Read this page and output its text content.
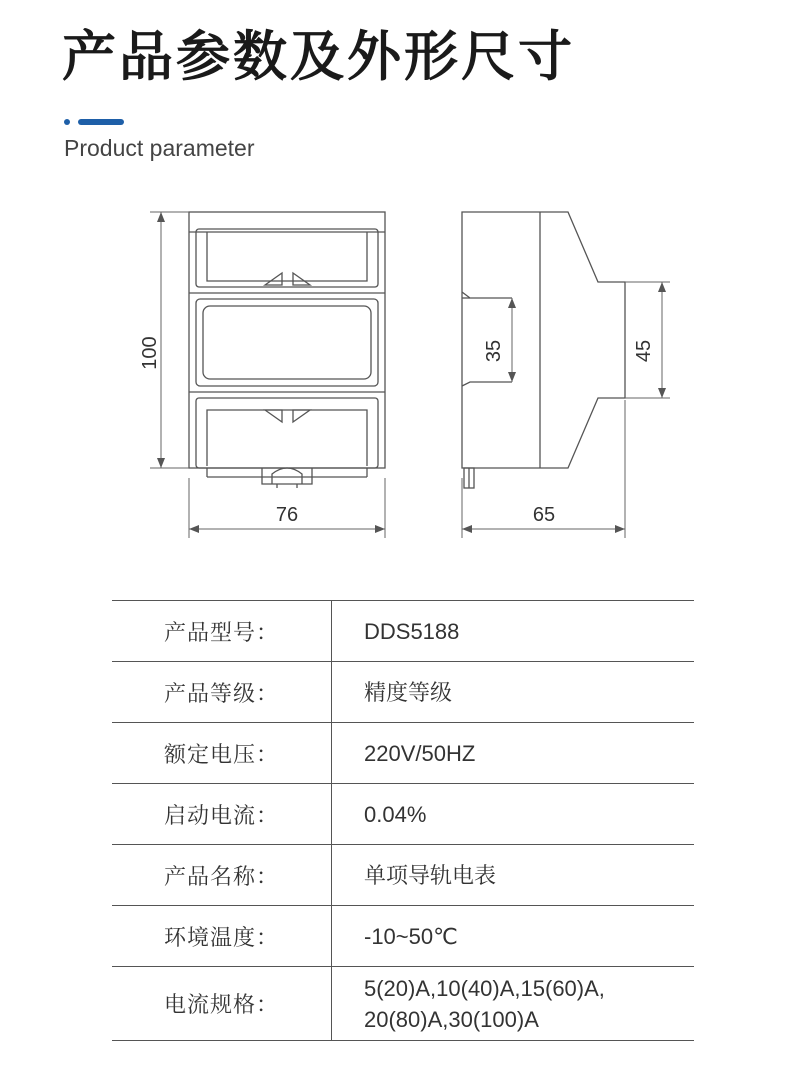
产品参数及外形尺寸
Product parameter
100
76	65
35	45
产品型号：	DDS5188
产品等级：	精度等级
额定电压：	220V/50HZ
启动电流：	0.04%
产品名称：	单项导轨电表
环境温度：	-10~50℃
电流规格：	5(20)A,10(40)A,15(60)A,
20(80)A,30(100)A
